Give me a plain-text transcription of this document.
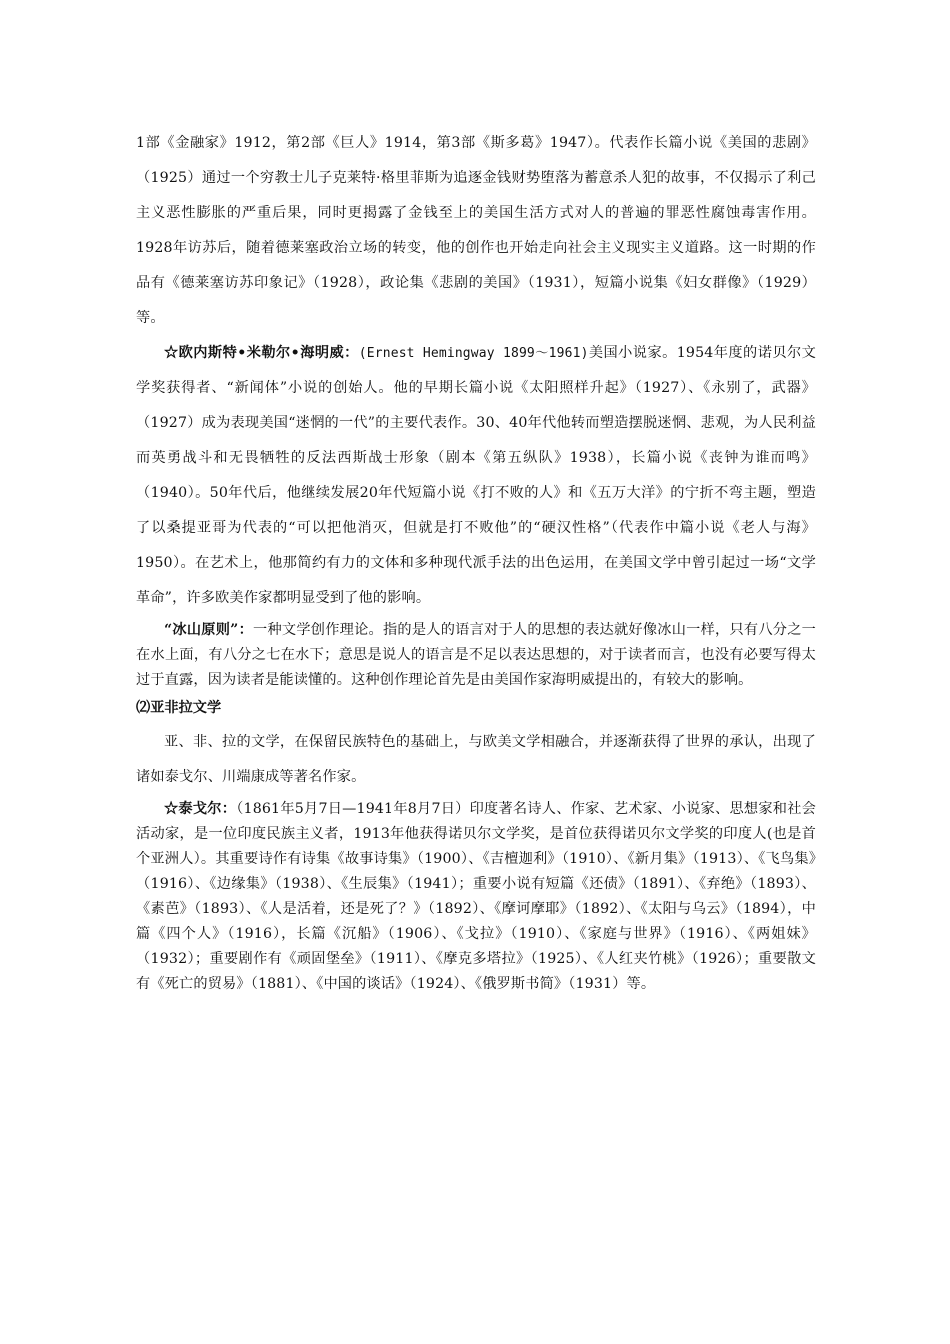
1部《金融家》1912，第2部《巨人》1914，第3部《斯多葛》1947）。代表作长篇小说《美国的悲剧》（1925）通过一个穷教士儿子克莱特·格里菲斯为追逐金钱财势堕落为蓄意杀人犯的故事，不仅揭示了利己主义恶性膨胀的严重后果，同时更揭露了金钱至上的美国生活方式对人的普遍的罪恶性腐蚀毒害作用。1928年访苏后，随着德莱塞政治立场的转变，他的创作也开始走向社会主义现实主义道路。这一时期的作品有《德莱塞访苏印象记》（1928），政论集《悲剧的美国》（1931），短篇小说集《妇女群像》（1929）等。

☆欧内斯特•米勒尔•海明威：(Ernest Hemingway 1899～1961)美国小说家。1954年度的诺贝尔文学奖获得者、“新闻体”小说的创始人。他的早期长篇小说《太阳照样升起》（1927）、《永别了，武器》（1927）成为表现美国“迷惘的一代”的主要代表作。30、40年代他转而塑造摆脱迷惘、悲观，为人民利益而英勇战斗和无畏牺牲的反法西斯战士形象（剧本《第五纵队》1938），长篇小说《丧钟为谁而鸣》（1940）。50年代后，他继续发展20年代短篇小说《打不败的人》和《五万大洋》的宁折不弯主题，塑造了以桑提亚哥为代表的“可以把他消灭，但就是打不败他”的“硬汉性格”（代表作中篇小说《老人与海》1950）。在艺术上，他那简约有力的文体和多种现代派手法的出色运用，在美国文学中曾引起过一场“文学革命”，许多欧美作家都明显受到了他的影响。

“冰山原则”：一种文学创作理论。指的是人的语言对于人的思想的表达就好像冰山一样，只有八分之一在水上面，有八分之七在水下；意思是说人的语言是不足以表达思想的，对于读者而言，也没有必要写得太过于直露，因为读者是能读懂的。这种创作理论首先是由美国作家海明威提出的，有较大的影响。

⑵亚非拉文学

亚、非、拉的文学，在保留民族特色的基础上，与欧美文学相融合，并逐渐获得了世界的承认，出现了诸如泰戈尔、川端康成等著名作家。

☆泰戈尔：（1861年5月7日—1941年8月7日）印度著名诗人、作家、艺术家、小说家、思想家和社会活动家，是一位印度民族主义者，1913年他获得诺贝尔文学奖，是首位获得诺贝尔文学奖的印度人(也是首个亚洲人）。其重要诗作有诗集《故事诗集》（1900）、《吉檀迦利》（1910）、《新月集》（1913）、《飞鸟集》（1916）、《边缘集》（1938）、《生辰集》（1941）；重要小说有短篇《还债》（1891）、《弃绝》（1893）、《素芭》（1893）、《人是活着，还是死了？》（1892）、《摩诃摩耶》（1892）、《太阳与乌云》（1894），中篇《四个人》（1916），长篇《沉船》（1906）、《戈拉》（1910）、《家庭与世界》（1916）、《两姐妹》（1932）；重要剧作有《顽固堡垒》（1911）、《摩克多塔拉》（1925）、《人红夹竹桃》（1926）；重要散文有《死亡的贸易》（1881）、《中国的谈话》（1924）、《俄罗斯书简》（1931）等。
